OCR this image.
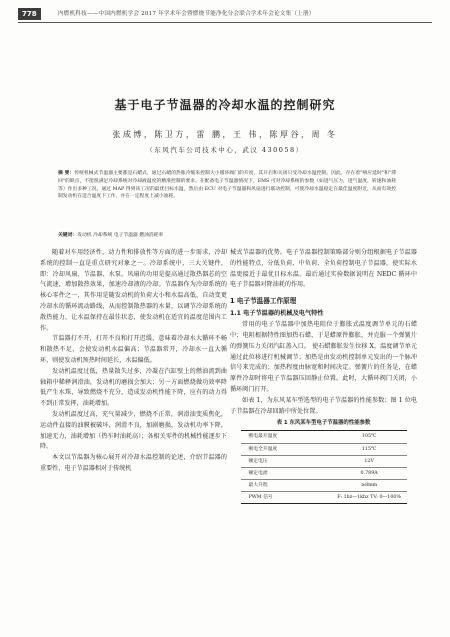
778	内燃机科技——中国内燃机学会 2017 年学术年会暨燃烧节能净化分会联合学术年会论文集（上册）
基于电子节温器的冷却水温的控制研究
张成博，陈卫方，雷 鹏，王 伟，陈厚谷，周 冬
（东风汽车公司技术中心，武汉 430058）

摘 要：传统机械式节温器主要都是石蜡式，通过石蜡的热胀冷缩来控制大小循环阀门的开度，其开启和关闭只受冷却水温控制。因此，存在着"响应延时"和"滞回"的缺点，不能很满足冷却系统对冷却液温度的精准控制的要求。在配备电子节温器情况下，EMS 可对冷却系统的参数（如进气压力，进气温度，转速和油耗等）作出多种工况，通过 MAP 得到该工况的最优目标水温，然后由 ECU 对电子节温器和风扇进行联动控制，可使冷却水温稳定在最佳温度附近，从而有效控制发动机在适合温度下工作，并在一定程度上减小油耗。

关键词：发动机 冷却系统 电子节温器 燃油消耗率

随着对车用经济性、动力性和排放性等方面的进一步需求，冷却系统的控制一直是重点研究对象之一。冷却系统中，三大关键件，即：冷却风扇、节温器、水泵。风扇的功用是提高通过散热器芯的空气流速，增加散热效果，加速冷却液的冷却。节温器作为冷却系统的核心零件之一，其作用是随发动机的负荷大小和水温高低，自动变更冷却水的循环流动路线，从而控制散热器的水量，以调节冷却系统的散热能力，让水温保持在最佳状态，使发动机在适宜的温度范围内工作。

节温器打不开，打开不良和打开迟缓，意味着冷却水大循环不畅和散热不足，会使发动机水温偏高；节温器常开，冷却水一直大循环，则使发动机预热时间延长，水温偏低。

发动机温度过低，热量散失过多，冷凝在汽缸壁上的燃油流到曲轴箱中稀释润滑油，发动机的磨损会加大；另一方面燃烧做功效率降低产生水珠，导致燃烧不充分，造成发动机性能下降，应有的动力得不到正常发挥，油耗增加。

发动机温度过高，充气量减少，燃烧不正常，润滑油变质焦化，运动件直接的油膜被破坏，润滑不良，加剧磨损，发动机功率下降，加速无力，油耗增加（热车时油耗高）；各相关零件的机械性能逐步下降。

本文以节温器为核心展开对冷却水温控制的论述，介绍节温器的重要性，电子节温器相对于传统机

械式节温器的优势。电子节温器控制策略部分则分组根据电子节温器的性能特点，分低负荷、中负荷、全负荷控制电子节温器，使实际水温更接近于最优目标水温。最后通过实验数据说明在 NEDC 循环中电子节温器对降油耗的作用。

1 电子节温器工作原理
1.1 电子节温器的机械及电气特性

常用的电子节温器中加热电阻位于膨胀式温度调节单元的石蜡中；电阻根据特性图加热石蜡，于是蜡原件膨胀，并克服一个弹簧片的弹簧压力关闭汽缸盖入口。 使石蜡膨胀发生位移 X，温度调节单元通过此位移进行机械调节；加热是由发动机控制单元发出的一个脉冲信号来完成的；加热程度由脉宽和时间决定。弹簧片的任务是，在蜡原件冷却时将电子节温器压回静止位置。此时，大循环阀门关闭，小循环阀门打开。

如表 1，为东风某车型选型的电子节温器的性能参数；图 1 位电子节温器在冷却回路中所处位置。

表 1 东风某车型电子节温器的性能参数
断电最开温度	105℃
断电全开温度	115℃
额定电压	12V
额定电流	0.789A
最大升程	≥8mm
PWM 信号	F: 1hz—1khz TV: 0—100%
